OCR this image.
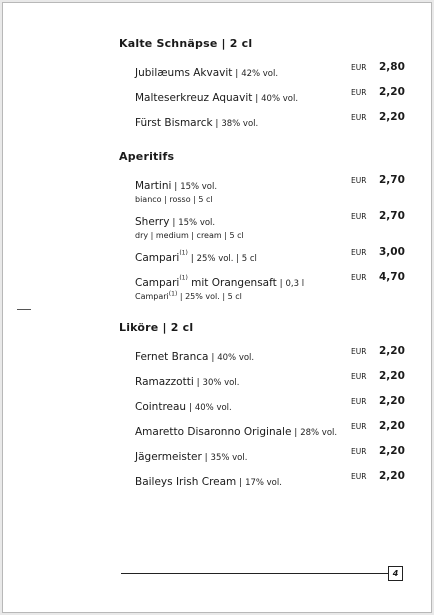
Kalte Schnäpse | 2 cl
Jubilæums Akvavit | 42% vol.
EUR	2,80
Malteserkreuz Aquavit | 40% vol.
EUR	2,20
Fürst Bismarck | 38% vol.
EUR	2,20
Aperitifs
Martini | 15% vol.
bianco | rosso | 5 cl
EUR	2,70
Sherry | 15% vol.
dry | medium | cream | 5 cl
EUR	2,70
Campari$^{(1)}$ | 25% vol. | 5 cl
EUR	3,00
Campari$^{(1)}$ mit Orangensaft | 0,3 l
Campari$^{(1)}$ | 25% vol. | 5 cl
EUR	4,70
Liköre | 2 cl
Fernet Branca | 40% vol.
EUR	2,20
Ramazzotti | 30% vol.
EUR	2,20
Cointreau | 40% vol.
EUR	2,20
Amaretto Disaronno Originale | 28% vol.
EUR	2,20
Jägermeister | 35% vol.
EUR	2,20
Baileys Irish Cream | 17% vol.
EUR	2,20
4
